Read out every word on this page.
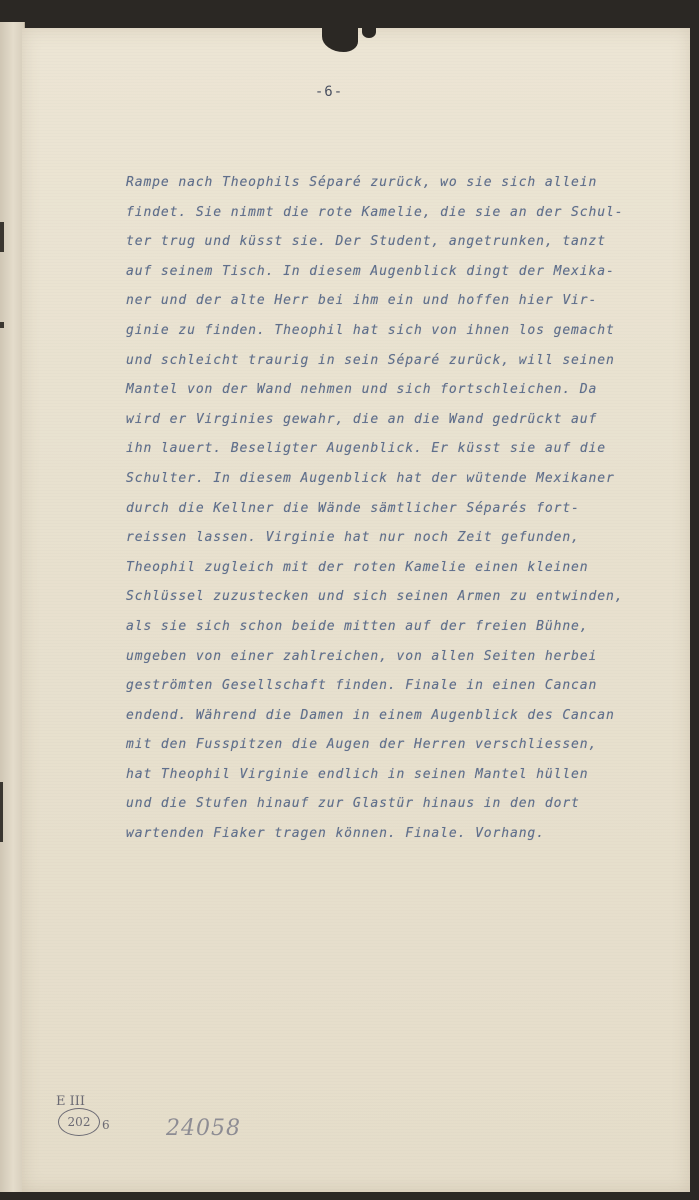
-6-
Rampe nach Theophils Séparé zurück, wo sie sich allein
findet. Sie nimmt die rote Kamelie, die sie an der Schul-
ter trug und küsst sie. Der Student, angetrunken, tanzt
auf seinem Tisch. In diesem Augenblick dingt der Mexika-
ner und der alte Herr bei ihm ein und hoffen hier Vir-
ginie zu finden. Theophil hat sich von ihnen los gemacht
und schleicht traurig in sein Séparé zurück, will seinen
Mantel von der Wand nehmen und sich fortschleichen. Da
wird er Virginies gewahr, die an die Wand gedrückt auf
ihn lauert. Beseligter Augenblick. Er küsst sie auf die
Schulter. In diesem Augenblick hat der wütende Mexikaner
durch die Kellner die Wände sämtlicher Séparés fort-
reissen lassen. Virginie hat nur noch Zeit gefunden,
Theophil zugleich mit der roten Kamelie einen kleinen
Schlüssel zuzustecken und sich seinen Armen zu entwinden,
als sie sich schon beide mitten auf der freien Bühne,
umgeben von einer zahlreichen, von allen Seiten herbei
geströmten Gesellschaft finden. Finale in einen Cancan
endend. Während die Damen in einem Augenblick des Cancan
mit den Fusspitzen die Augen der Herren verschliessen,
hat Theophil Virginie endlich in seinen Mantel hüllen
und die Stufen hinauf zur Glastür hinaus in den dort
wartenden Fiaker tragen können. Finale. Vorhang.
E III
202 6	24058
